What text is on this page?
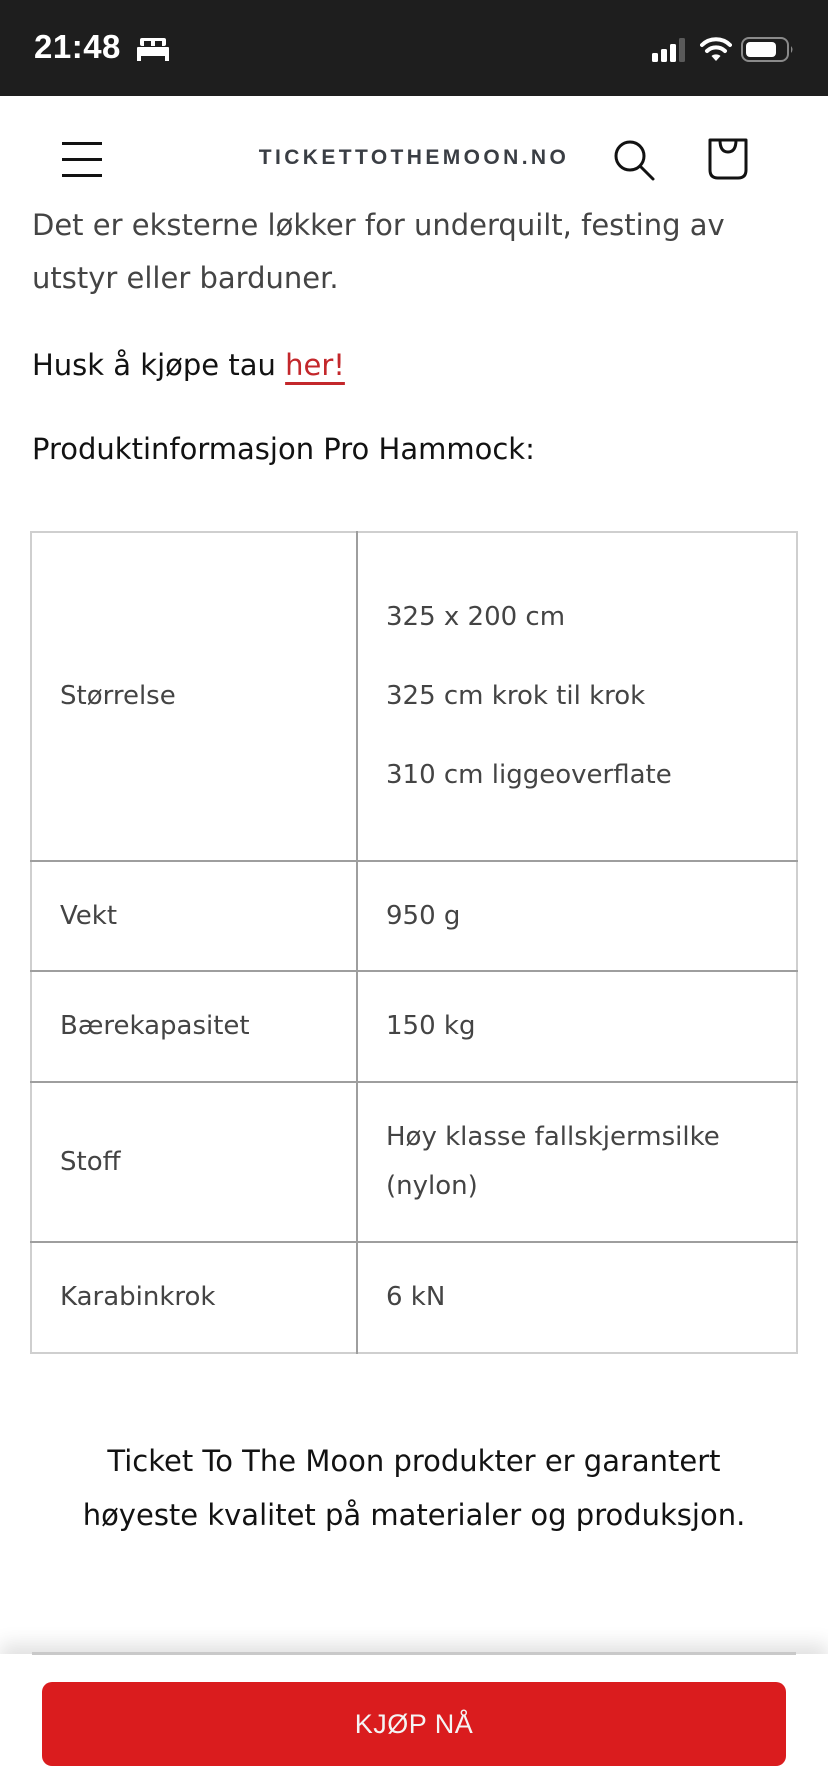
21:48
TICKETTOTHEMOON.NO

Det er eksterne løkker for underquilt, festing av utstyr eller barduner.

Husk å kjøpe tau her!

Produktinformasjon Pro Hammock:

Størrelse	325 x 200 cm

325 cm krok til krok

310 cm liggeoverflate

Vekt	950 g
Bærekapasitet	150 kg
Stoff	Høy klasse fallskjermsilke (nylon)
Karabinkrok	6 kN

Ticket To The Moon produkter er garantert høyeste kvalitet på materialer og produksjon.

KJØP NÅ
